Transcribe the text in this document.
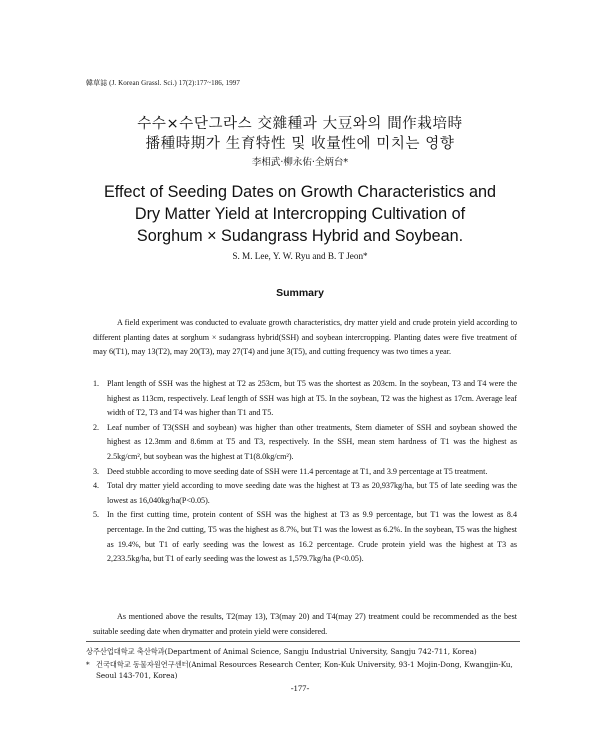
韓草誌 (J. Korean Grassl. Sci.) 17(2):177~186, 1997
수수×수단그라스 交雜種과 大豆와의 間作栽培時
播種時期가 生育特性 및 收量性에 미치는 영향
李相武·柳永佑·全炳台*
Effect of Seeding Dates on Growth Characteristics and
Dry Matter Yield at Intercropping Cultivation of
Sorghum × Sudangrass Hybrid and Soybean.
S. M. Lee, Y. W. Ryu and B. T Jeon*
Summary
A field experiment was conducted to evaluate growth characteristics, dry matter yield and crude protein yield according to different planting dates at sorghum × sudangrass hybrid(SSH) and soybean intercropping. Planting dates were five treatment of may 6(T1), may 13(T2), may 20(T3), may 27(T4) and june 3(T5), and cutting frequency was two times a year.
1. Plant length of SSH was the highest at T2 as 253cm, but T5 was the shortest as 203cm. In the soybean, T3 and T4 were the highest as 113cm, respectively. Leaf length of SSH was high at T5. In the soybean, T2 was the highest as 17cm. Average leaf width of T2, T3 and T4 was higher than T1 and T5.
2. Leaf number of T3(SSH and soybean) was higher than other treatments, Stem diameter of SSH and soybean showed the highest as 12.3mm and 8.6mm at T5 and T3, respectively. In the SSH, mean stem hardness of T1 was the highest as 2.5kg/cm², but soybean was the highest at T1(8.0kg/cm²).
3. Deed stubble according to move seeding date of SSH were 11.4 percentage at T1, and 3.9 percentage at T5 treatment.
4. Total dry matter yield according to move seeding date was the highest at T3 as 20,937kg/ha, but T5 of late seeding was the lowest as 16,040kg/ha(P<0.05).
5. In the first cutting time, protein content of SSH was the highest at T3 as 9.9 percentage, but T1 was the lowest as 8.4 percentage. In the 2nd cutting, T5 was the highest as 8.7%, but T1 was the lowest as 6.2%. In the soybean, T5 was the highest as 19.4%, but T1 of early seeding was the lowest as 16.2 percentage. Crude protein yield was the highest at T3 as 2,233.5kg/ha, but T1 of early seeding was the lowest as 1,579.7kg/ha (P<0.05).
As mentioned above the results, T2(may 13), T3(may 20) and T4(may 27) treatment could be recommended as the best suitable seeding date when drymatter and protein yield were considered.
상주산업대학교 축산학과(Department of Animal Science, Sangju Industrial University, Sangju 742-711, Korea)
* 건국대학교 동물자원연구센터(Animal Resources Research Center, Kon-Kuk University, 93-1 Mojin-Dong, Kwangjin-Ku, Seoul 143-701, Korea)
-177-
